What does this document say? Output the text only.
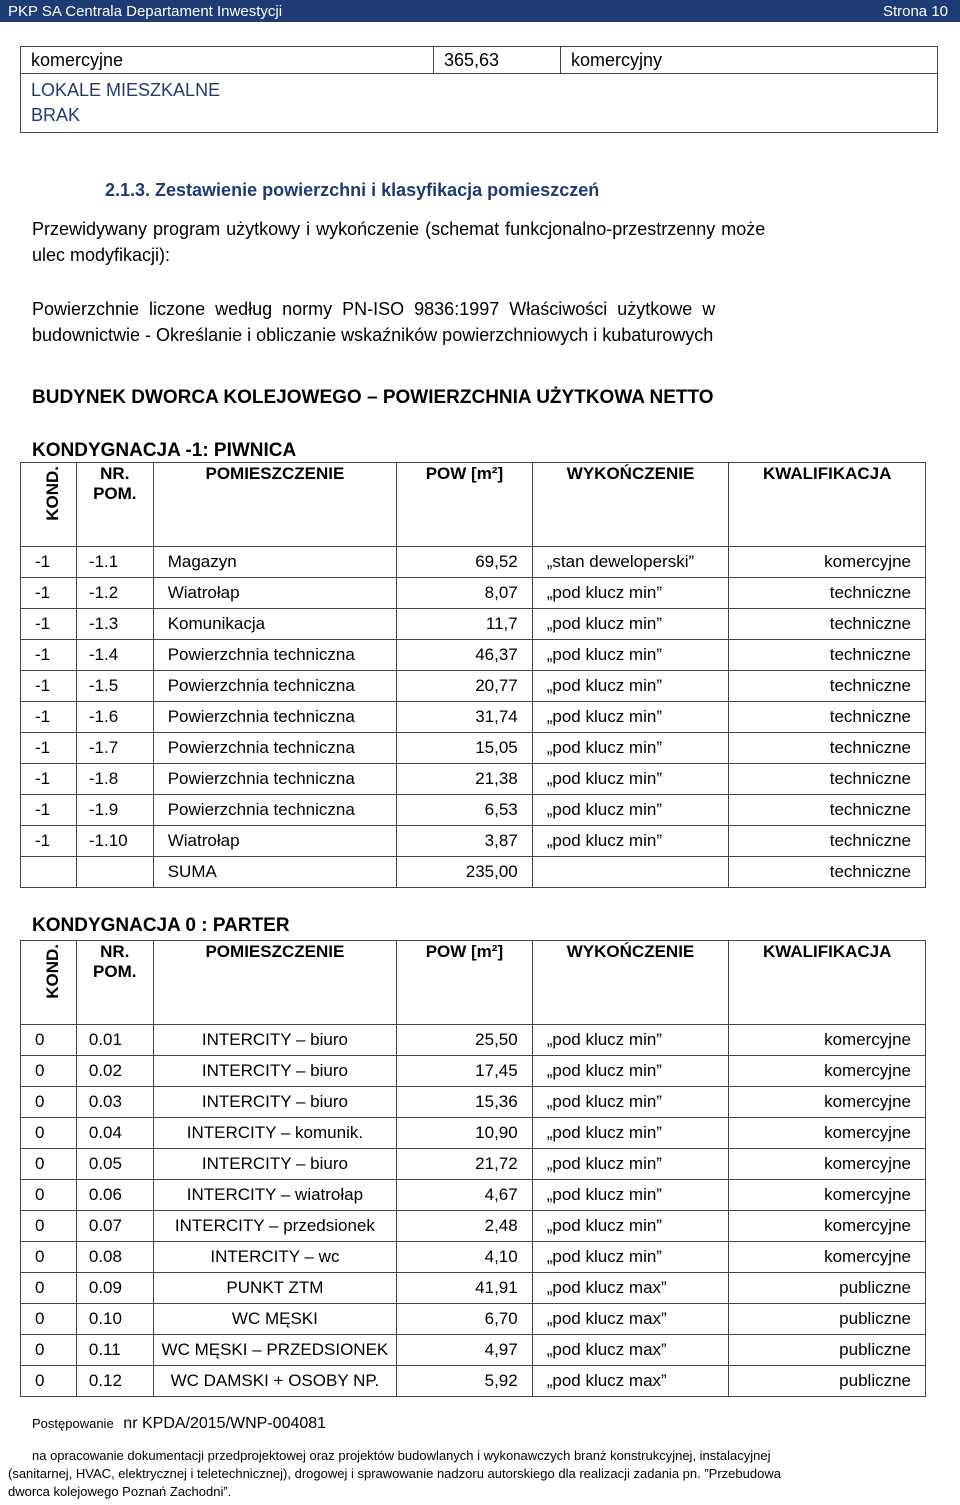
PKP SA Centrala Departament Inwestycji	Strona 10
komercyjne	365,63	komercyjny

LOKALE MIESZKALNE
BRAK
2.1.3. Zestawienie powierzchni i klasyfikacja pomieszczeń
Przewidywany program użytkowy i wykończenie (schemat funkcjonalno-przestrzenny może
ulec modyfikacji):
Powierzchnie  liczone  według  normy  PN-ISO  9836:1997  Właściwości  użytkowe  w
budownictwie - Określanie i obliczanie wskaźników powierzchniowych i kubaturowych
BUDYNEK DWORCA KOLEJOWEGO – POWIERZCHNIA UŻYTKOWA NETTO
KONDYGNACJA -1: PIWNICA
KOND.	NR. POM.	POMIESZCZENIE	POW [m²]	WYKOŃCZENIE	KWALIFIKACJA
-1	-1.1	Magazyn	69,52	„stan deweloperski”	komercyjne
-1	-1.2	Wiatrołap	8,07	„pod klucz min”	techniczne
-1	-1.3	Komunikacja	11,7	„pod klucz min”	techniczne
-1	-1.4	Powierzchnia techniczna	46,37	„pod klucz min”	techniczne
-1	-1.5	Powierzchnia techniczna	20,77	„pod klucz min”	techniczne
-1	-1.6	Powierzchnia techniczna	31,74	„pod klucz min”	techniczne
-1	-1.7	Powierzchnia techniczna	15,05	„pod klucz min”	techniczne
-1	-1.8	Powierzchnia techniczna	21,38	„pod klucz min”	techniczne
-1	-1.9	Powierzchnia techniczna	6,53	„pod klucz min”	techniczne
-1	-1.10	Wiatrołap	3,87	„pod klucz min”	techniczne
		SUMA	235,00		techniczne
KONDYGNACJA 0 : PARTER
KOND.	NR. POM.	POMIESZCZENIE	POW [m²]	WYKOŃCZENIE	KWALIFIKACJA
0	0.01	INTERCITY – biuro	25,50	„pod klucz min”	komercyjne
0	0.02	INTERCITY – biuro	17,45	„pod klucz min”	komercyjne
0	0.03	INTERCITY – biuro	15,36	„pod klucz min”	komercyjne
0	0.04	INTERCITY – komunik.	10,90	„pod klucz min”	komercyjne
0	0.05	INTERCITY – biuro	21,72	„pod klucz min”	komercyjne
0	0.06	INTERCITY – wiatrołap	4,67	„pod klucz min”	komercyjne
0	0.07	INTERCITY – przedsionek	2,48	„pod klucz min”	komercyjne
0	0.08	INTERCITY – wc	4,10	„pod klucz min”	komercyjne
0	0.09	PUNKT ZTM	41,91	„pod klucz max”	publiczne
0	0.10	WC MĘSKI	6,70	„pod klucz max”	publiczne
0	0.11	WC MĘSKI – PRZEDSIONEK	4,97	„pod klucz max”	publiczne
0	0.12	WC DAMSKI + OSOBY NP.	5,92	„pod klucz max”	publiczne
Postępowanie nr KPDA/2015/WNP-004081
na opracowanie dokumentacji przedprojektowej oraz projektów budowlanych i wykonawczych branż konstrukcyjnej, instalacyjnej
(sanitarnej, HVAC, elektrycznej i teletechnicznej), drogowej i sprawowanie nadzoru autorskiego dla realizacji zadania pn. ”Przebudowa
dworca kolejowego Poznań Zachodni”.
